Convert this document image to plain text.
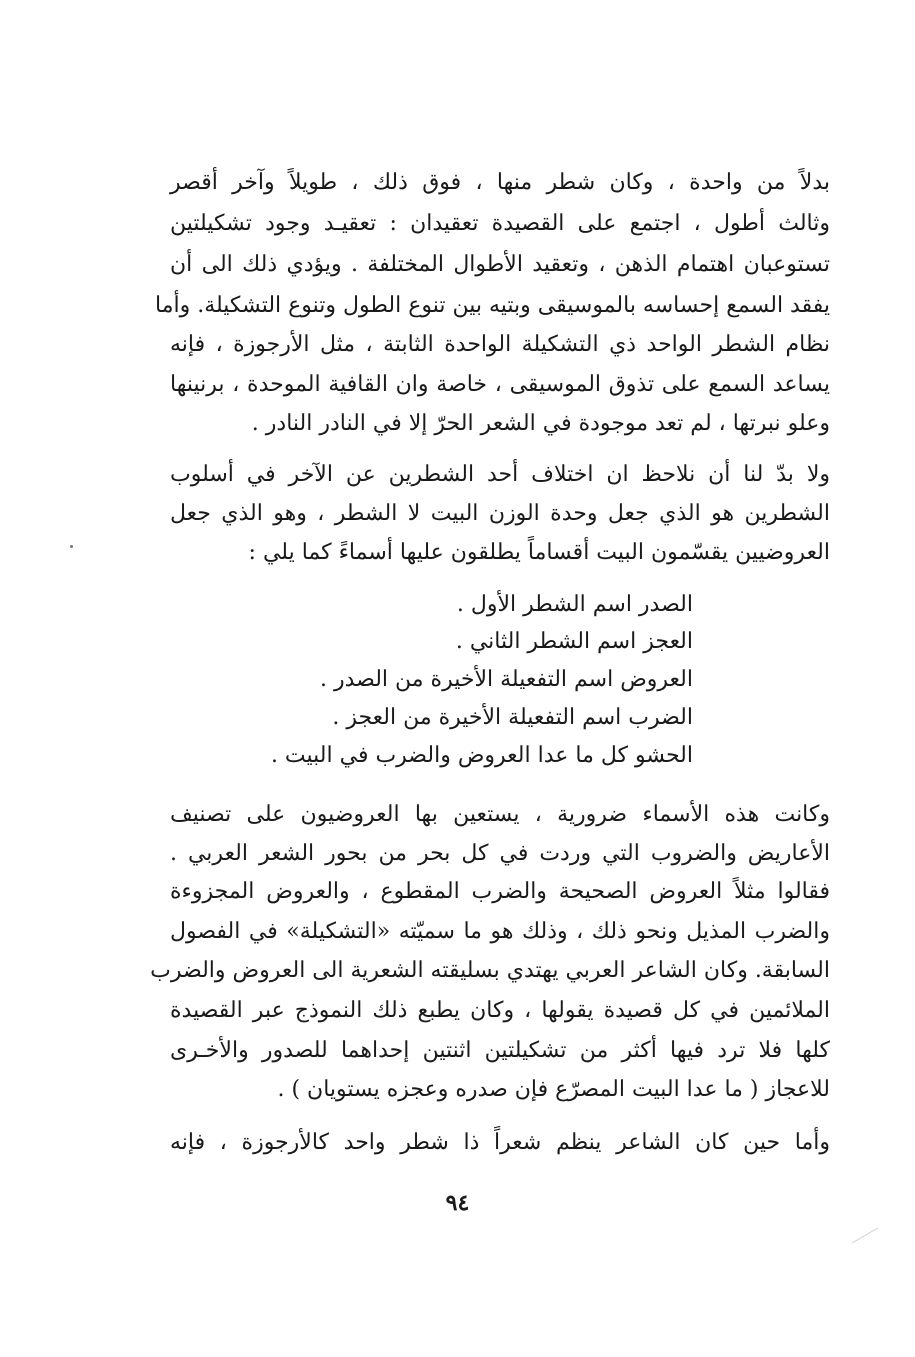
بدلاً من واحدة ، وكان شطر منها ، فوق ذلك ، طويلاً وآخر أقصر
وثالث أطول ، اجتمع على القصيدة تعقيدان : تعقيـد وجود تشكيلتين
تستوعبان اهتمام الذهن ، وتعقيد الأطوال المختلفة . ويؤدي ذلك الى أن
يفقد السمع إحساسه بالموسيقى وبتيه بين تنوع الطول وتنوع التشكيلة. وأما
نظام الشطر الواحد ذي التشكيلة الواحدة الثابتة ، مثل الأرجوزة ، فإنه
يساعد السمع على تذوق الموسيقى ، خاصة وان القافية الموحدة ، برنينها
وعلو نبرتها ، لم تعد موجودة في الشعر الحرّ إلا في النادر النادر .
ولا بدّ لنا أن نلاحظ ان اختلاف أحد الشطرين عن الآخر في أسلوب
الشطرين هو الذي جعل وحدة الوزن البيت لا الشطر ، وهو الذي جعل
العروضيين يقسّمون البيت أقساماً يطلقون عليها أسماءً كما يلي :
الصدر اسم الشطر الأول .
العجز اسم الشطر الثاني .
العروض اسم التفعيلة الأخيرة من الصدر .
الضرب اسم التفعيلة الأخيرة من العجز .
الحشو كل ما عدا العروض والضرب في البيت .
وكانت هذه الأسماء ضرورية ، يستعين بها العروضيون على تصنيف
الأعاريض والضروب التي وردت في كل بحر من بحور الشعر العربي .
فقالوا مثلاً العروض الصحيحة والضرب المقطوع ، والعروض المجزوءة
والضرب المذيل ونحو ذلك ، وذلك هو ما سميّته «التشكيلة» في الفصول
السابقة. وكان الشاعر العربي يهتدي بسليقته الشعرية الى العروض والضرب
الملائمين في كل قصيدة يقولها ، وكان يطبع ذلك النموذج عبر القصيدة
كلها فلا ترد فيها أكثر من تشكيلتين اثنتين إحداهما للصدور والأخـرى
للاعجاز ( ما عدا البيت المصرّع فإن صدره وعجزه يستويان ) .
وأما حين كان الشاعر ينظم شعراً ذا شطر واحد كالأرجوزة ، فإنه
٩٤
